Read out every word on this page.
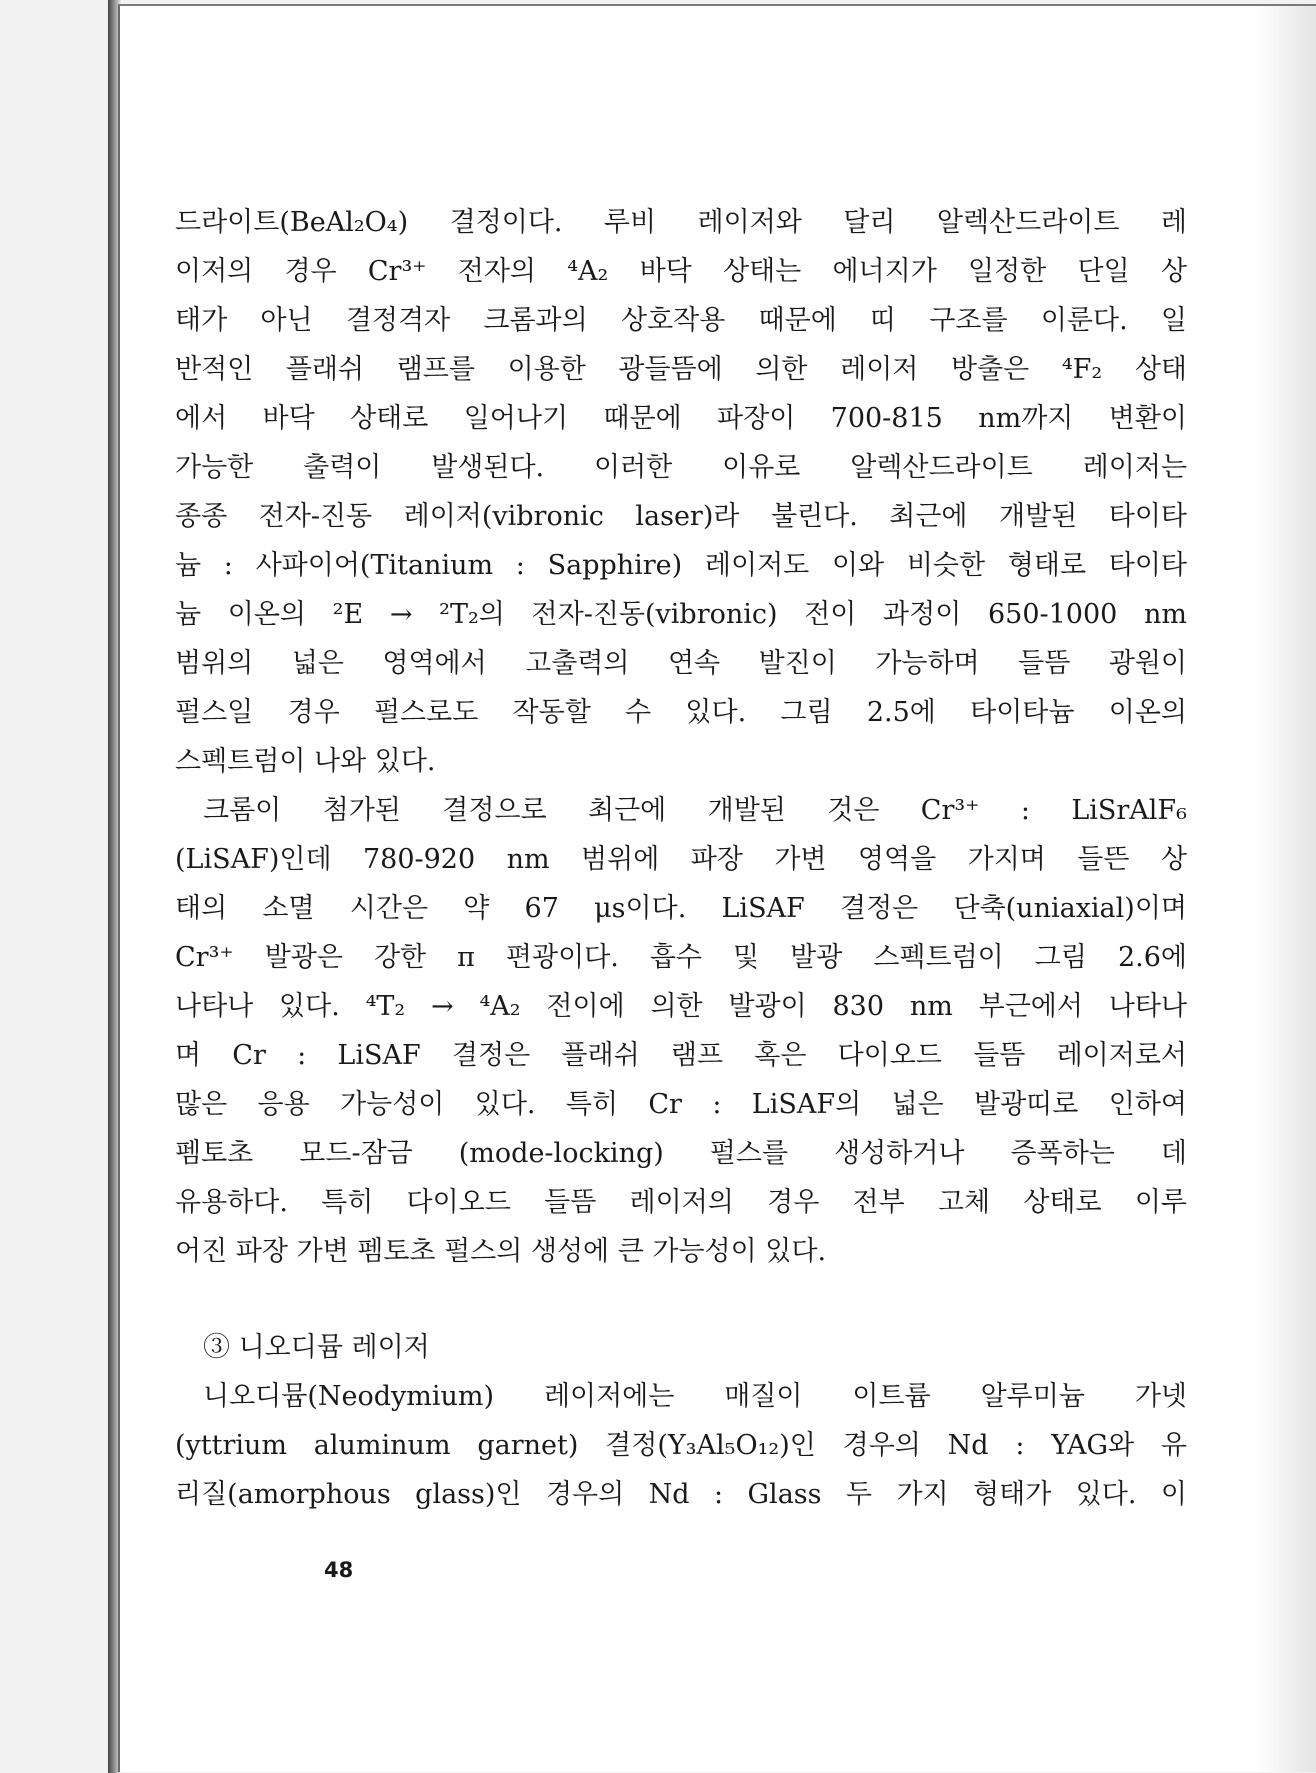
드라이트(BeAl₂O₄) 결정이다. 루비 레이저와 달리 알렉산드라이트 레
이저의 경우 Cr³⁺ 전자의 ⁴A₂ 바닥 상태는 에너지가 일정한 단일 상
태가 아닌 결정격자 크롬과의 상호작용 때문에 띠 구조를 이룬다. 일
반적인 플래쉬 램프를 이용한 광들뜸에 의한 레이저 방출은 ⁴F₂ 상태
에서 바닥 상태로 일어나기 때문에 파장이 700-815 nm까지 변환이
가능한 출력이 발생된다. 이러한 이유로 알렉산드라이트 레이저는
종종 전자-진동 레이저(vibronic laser)라 불린다. 최근에 개발된 타이타
늄 : 사파이어(Titanium : Sapphire) 레이저도 이와 비슷한 형태로 타이타
늄 이온의 ²E → ²T₂의 전자-진동(vibronic) 전이 과정이 650-1000 nm
범위의 넓은 영역에서 고출력의 연속 발진이 가능하며 들뜸 광원이
펄스일 경우 펄스로도 작동할 수 있다. 그림 2.5에 타이타늄 이온의
스펙트럼이 나와 있다.
크롬이 첨가된 결정으로 최근에 개발된 것은 Cr³⁺ : LiSrAlF₆
(LiSAF)인데 780-920 nm 범위에 파장 가변 영역을 가지며 들뜬 상
태의 소멸 시간은 약 67 μs이다. LiSAF 결정은 단축(uniaxial)이며
Cr³⁺ 발광은 강한 π 편광이다. 흡수 및 발광 스펙트럼이 그림 2.6에
나타나 있다. ⁴T₂ → ⁴A₂ 전이에 의한 발광이 830 nm 부근에서 나타나
며 Cr : LiSAF 결정은 플래쉬 램프 혹은 다이오드 들뜸 레이저로서
많은 응용 가능성이 있다. 특히 Cr : LiSAF의 넓은 발광띠로 인하여
펨토초 모드-잠금 (mode-locking) 펄스를 생성하거나 증폭하는 데
유용하다. 특히 다이오드 들뜸 레이저의 경우 전부 고체 상태로 이루
어진 파장 가변 펨토초 펄스의 생성에 큰 가능성이 있다.
③ 니오디뮴 레이저
니오디뮴(Neodymium) 레이저에는 매질이 이트륨 알루미늄 가넷
(yttrium aluminum garnet) 결정(Y₃Al₅O₁₂)인 경우의 Nd : YAG와 유
리질(amorphous glass)인 경우의 Nd : Glass 두 가지 형태가 있다. 이
48
